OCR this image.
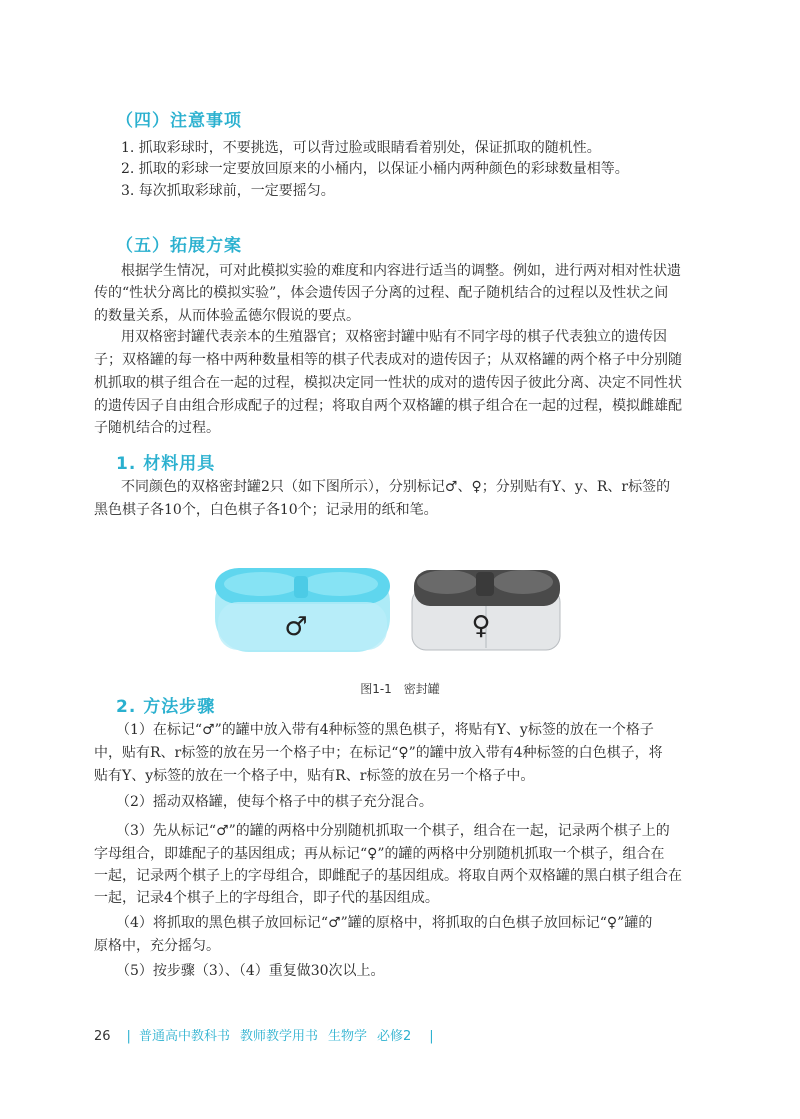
（四）注意事项
1. 抓取彩球时，不要挑选，可以背过脸或眼睛看着别处，保证抓取的随机性。
2. 抓取的彩球一定要放回原来的小桶内，以保证小桶内两种颜色的彩球数量相等。
3. 每次抓取彩球前，一定要摇匀。
（五）拓展方案
根据学生情况，可对此模拟实验的难度和内容进行适当的调整。例如，进行两对相对性状遗
传的“性状分离比的模拟实验”，体会遗传因子分离的过程、配子随机结合的过程以及性状之间
的数量关系，从而体验孟德尔假说的要点。
用双格密封罐代表亲本的生殖器官；双格密封罐中贴有不同字母的棋子代表独立的遗传因
子；双格罐的每一格中两种数量相等的棋子代表成对的遗传因子；从双格罐的两个格子中分别随
机抓取的棋子组合在一起的过程，模拟决定同一性状的成对的遗传因子彼此分离、决定不同性状
的遗传因子自由组合形成配子的过程；将取自两个双格罐的棋子组合在一起的过程，模拟雌雄配
子随机结合的过程。
1. 材料用具
不同颜色的双格密封罐2只（如下图所示），分别标记♂、♀；分别贴有Y、y、R、r标签的
黑色棋子各10个，白色棋子各10个；记录用的纸和笔。
♂	♀
图1-1 密封罐
2. 方法步骤
（1）在标记“♂”的罐中放入带有4种标签的黑色棋子，将贴有Y、y标签的放在一个格子
中，贴有R、r标签的放在另一个格子中；在标记“♀”的罐中放入带有4种标签的白色棋子，将
贴有Y、y标签的放在一个格子中，贴有R、r标签的放在另一个格子中。
（2）摇动双格罐，使每个格子中的棋子充分混合。
（3）先从标记“♂”的罐的两格中分别随机抓取一个棋子，组合在一起，记录两个棋子上的
字母组合，即雄配子的基因组成；再从标记“♀”的罐的两格中分别随机抓取一个棋子，组合在
一起，记录两个棋子上的字母组合，即雌配子的基因组成。将取自两个双格罐的黑白棋子组合在
一起，记录4个棋子上的字母组合，即子代的基因组成。
（4）将抓取的黑色棋子放回标记“♂”罐的原格中，将抓取的白色棋子放回标记“♀”罐的
原格中，充分摇匀。
（5）按步骤（3）、（4）重复做30次以上。
26 | 普通高中教科书 教师教学用书 生物学 必修2 |
